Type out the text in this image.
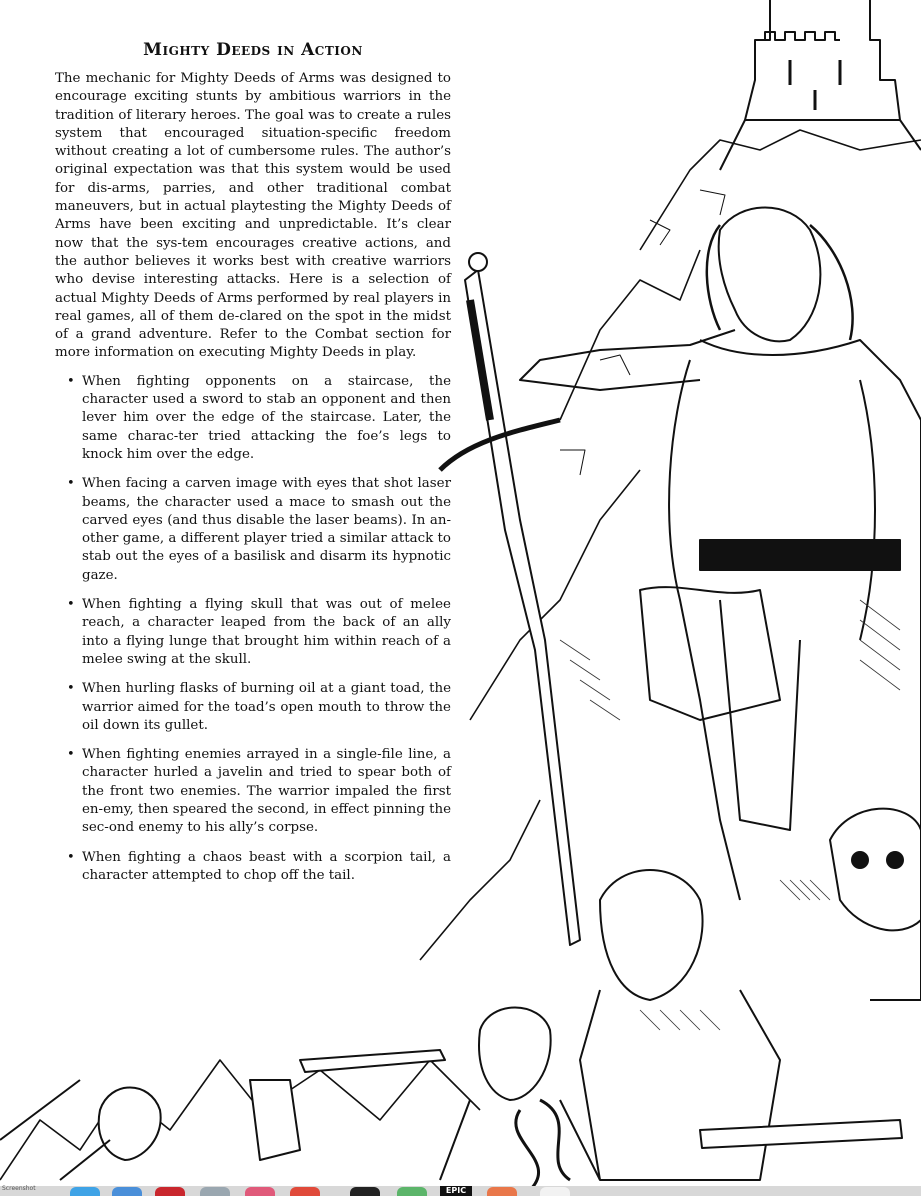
Mighty Deeds in Action

The mechanic for Mighty Deeds of Arms was designed to encourage exciting stunts by ambitious warriors in the tradition of literary heroes. The goal was to create a rules system that encouraged situation-specific freedom without creating a lot of cumbersome rules. The author’s original expectation was that this system would be used for dis-arms, parries, and other traditional combat maneuvers, but in actual playtesting the Mighty Deeds of Arms have been exciting and unpredictable. It’s clear now that the sys-tem encourages creative actions, and the author believes it works best with creative warriors who devise interesting attacks. Here is a selection of actual Mighty Deeds of Arms performed by real players in real games, all of them de-clared on the spot in the midst of a grand adventure. Refer to the Combat section for more information on executing Mighty Deeds in play.

• When fighting opponents on a staircase, the character used a sword to stab an opponent and then lever him over the edge of the staircase. Later, the same charac-ter tried attacking the foe’s legs to knock him over the edge.
• When facing a carven image with eyes that shot laser beams, the character used a mace to smash out the carved eyes (and thus disable the laser beams). In an-other game, a different player tried a similar attack to stab out the eyes of a basilisk and disarm its hypnotic gaze.
• When fighting a flying skull that was out of melee reach, a character leaped from the back of an ally into a flying lunge that brought him within reach of a melee swing at the skull.
• When hurling flasks of burning oil at a giant toad, the warrior aimed for the toad’s open mouth to throw the oil down its gullet.
• When fighting enemies arrayed in a single-file line, a character hurled a javelin and tried to spear both of the front two enemies. The warrior impaled the first en-emy, then speared the second, in effect pinning the sec-ond enemy to his ally’s corpse.
• When fighting a chaos beast with a scorpion tail, a character attempted to chop off the tail.
EPIC
Screenshot
